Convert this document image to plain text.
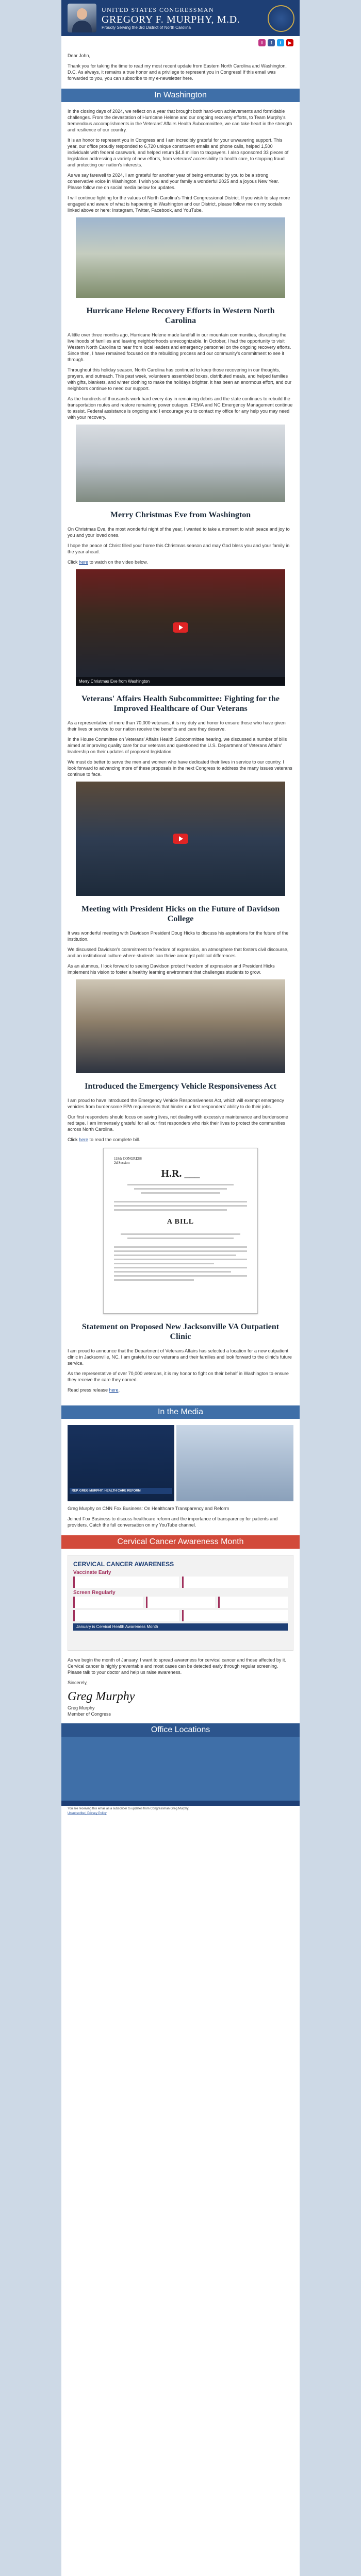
UNITED STATES CONGRESSMAN
GREGORY F. MURPHY, M.D.
Proudly Serving the 3rd District of North Carolina
I	f	t	▶

Dear John,

Thank you for taking the time to read my most recent update from Eastern North Carolina and Washington, D.C. As always, it remains a true honor and a privilege to represent you in Congress! If this email was forwarded to you, you can subscribe to my e-newsletter here.

In Washington

In the closing days of 2024, we reflect on a year that brought both hard-won achievements and formidable challenges. From the devastation of Hurricane Helene and our ongoing recovery efforts, to Team Murphy's tremendous accomplishments in the Veterans' Affairs Health Subcommittee, we can take heart in the strength and resilience of our country.

It is an honor to represent you in Congress and I am incredibly grateful for your unwavering support. This year, our office proudly responded to 6,720 unique constituent emails and phone calls, helped 1,500 individuals with federal casework, and helped return $4.8 million to taxpayers. I also sponsored 33 pieces of legislation addressing a variety of new efforts, from veterans' accessibility to health care, to stopping fraud and protecting our nation's interests.

As we say farewell to 2024, I am grateful for another year of being entrusted by you to be a strong conservative voice in Washington. I wish you and your family a wonderful 2025 and a joyous New Year. Please follow me on social media below for updates.

I will continue fighting for the values of North Carolina's Third Congressional District. If you wish to stay more engaged and aware of what is happening in Washington and our District, please follow me on my socials linked above or here: Instagram, Twitter, Facebook, and YouTube.

Hurricane Helene Recovery Efforts in Western North Carolina

A little over three months ago, Hurricane Helene made landfall in our mountain communities, disrupting the livelihoods of families and leaving neighborhoods unrecognizable. In October, I had the opportunity to visit Western North Carolina to hear from local leaders and emergency personnel on the ongoing recovery efforts. Since then, I have remained focused on the rebuilding process and our community's commitment to see it through.

Throughout this holiday season, North Carolina has continued to keep those recovering in our thoughts, prayers, and outreach. This past week, volunteers assembled boxes, distributed meals, and helped families with gifts, blankets, and winter clothing to make the holidays brighter. It has been an enormous effort, and our neighbors continue to need our support.

As the hundreds of thousands work hard every day in remaining debris and the state continues to rebuild the transportation routes and restore remaining power outages, FEMA and NC Emergency Management continue to assist. Federal assistance is ongoing and I encourage you to contact my office for any help you may need with your recovery.

Merry Christmas Eve from Washington

On Christmas Eve, the most wonderful night of the year, I wanted to take a moment to wish peace and joy to you and your loved ones.

I hope the peace of Christ filled your home this Christmas season and may God bless you and your family in the year ahead.

Click here to watch on the video below.

Merry Christmas Eve from Washington
Veterans' Affairs Health Subcommittee: Fighting for the Improved Healthcare of Our Veterans

As a representative of more than 70,000 veterans, it is my duty and honor to ensure those who have given their lives or service to our nation receive the benefits and care they deserve.

In the House Committee on Veterans' Affairs Health Subcommittee hearing, we discussed a number of bills aimed at improving quality care for our veterans and questioned the U.S. Department of Veterans Affairs' leadership on their updates of proposed legislation.

We must do better to serve the men and women who have dedicated their lives in service to our country. I look forward to advancing more of these proposals in the next Congress to address the many issues veterans continue to face.

Meeting with President Hicks on the Future of Davidson College

It was wonderful meeting with Davidson President Doug Hicks to discuss his aspirations for the future of the institution.

We discussed Davidson's commitment to freedom of expression, an atmosphere that fosters civil discourse, and an institutional culture where students can thrive amongst political differences.

As an alumnus, I look forward to seeing Davidson protect freedom of expression and President Hicks implement his vision to foster a healthy learning environment that challenges students to grow.

Introduced the Emergency Vehicle Responsiveness Act

I am proud to have introduced the Emergency Vehicle Responsiveness Act, which will exempt emergency vehicles from burdensome EPA requirements that hinder our first responders' ability to do their jobs.

Our first responders should focus on saving lives, not dealing with excessive maintenance and burdensome red tape. I am immensely grateful for all our first responders who risk their lives to protect the communities across North Carolina.

Click here to read the complete bill.

118th CONGRESS
2d Session
H.R. ___
A BILL
Statement on Proposed New Jacksonville VA Outpatient Clinic

I am proud to announce that the Department of Veterans Affairs has selected a location for a new outpatient clinic in Jacksonville, NC. I am grateful to our veterans and their families and look forward to the clinic's future service.

As the representative of over 70,000 veterans, it is my honor to fight on their behalf in Washington to ensure they receive the care they earned.

Read press release here.

In the Media
REP. GREG MURPHY: HEALTH CARE REFORM

Greg Murphy on CNN Fox Business: On Healthcare Transparency and Reform

Joined Fox Business to discuss healthcare reform and the importance of transparency for patients and providers. Catch the full conversation on my YouTube channel.

Cervical Cancer Awareness Month
CERVICAL CANCER AWARENESS
Vaccinate Early
Screen Regularly
January is Cervical Health Awareness Month

As we begin the month of January, I want to spread awareness for cervical cancer and those affected by it. Cervical cancer is highly preventable and most cases can be detected early through regular screening. Please talk to your doctor and help us raise awareness.

Sincerely,

Greg Murphy

Greg Murphy

Member of Congress

Office Locations
You are receiving this email as a subscriber to updates from Congressman Greg Murphy.
Unsubscribe | Privacy Policy
